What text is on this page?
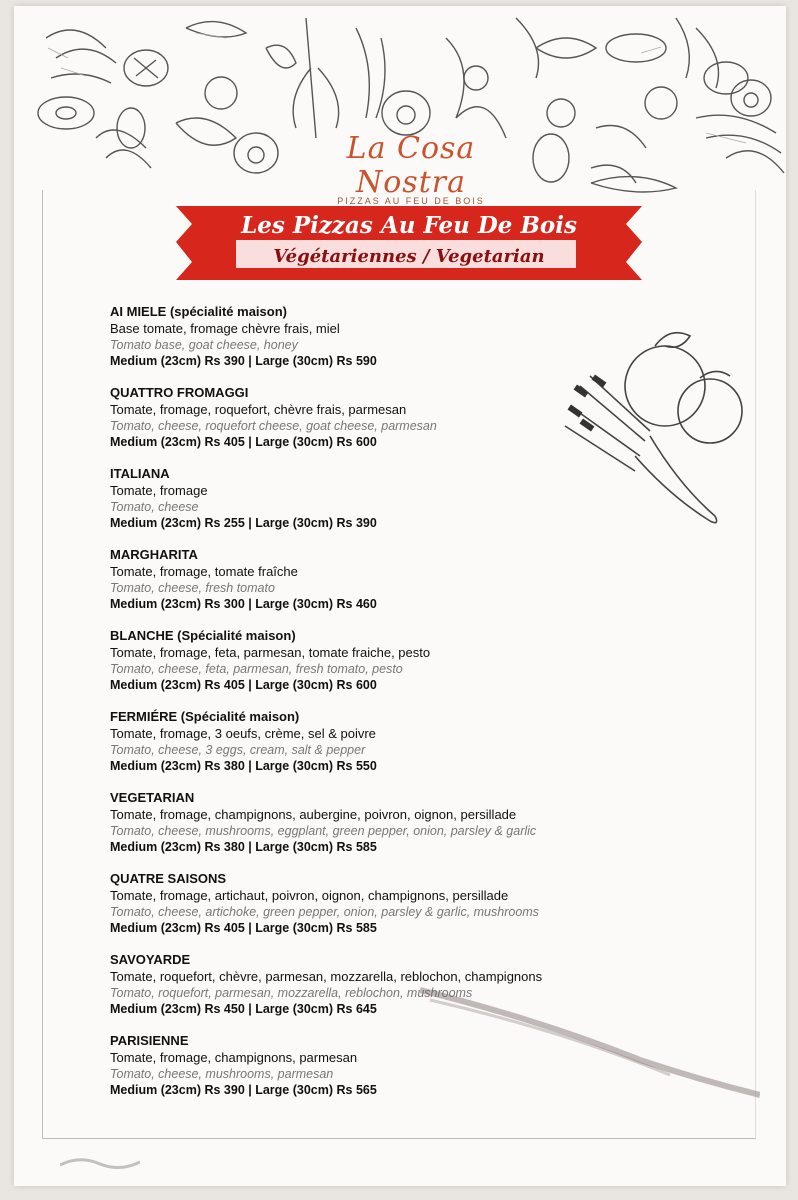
La Cosa Nostra
PIZZAS AU FEU DE BOIS
Les Pizzas Au Feu De Bois
Végétariennes / Vegetarian
AI MIELE (spécialité maison)
Base tomate, fromage chèvre frais, miel
Tomato base, goat cheese, honey
Medium (23cm) Rs 390 | Large (30cm) Rs 590
QUATTRO FROMAGGI
Tomate, fromage, roquefort, chèvre frais, parmesan
Tomato, cheese, roquefort cheese, goat cheese, parmesan
Medium (23cm) Rs 405 | Large (30cm) Rs 600
ITALIANA
Tomate, fromage
Tomato, cheese
Medium (23cm) Rs 255 | Large (30cm) Rs 390
MARGHARITA
Tomate, fromage, tomate fraîche
Tomato, cheese, fresh tomato
Medium (23cm) Rs 300 | Large (30cm) Rs 460
BLANCHE (Spécialité maison)
Tomate, fromage, feta, parmesan, tomate fraiche, pesto
Tomato, cheese, feta, parmesan, fresh tomato, pesto
Medium (23cm) Rs 405 | Large (30cm) Rs 600
FERMIÉRE (Spécialité maison)
Tomate, fromage, 3 oeufs, crème, sel & poivre
Tomato, cheese, 3 eggs, cream, salt & pepper
Medium (23cm) Rs 380 | Large (30cm) Rs 550
VEGETARIAN
Tomate, fromage, champignons, aubergine, poivron, oignon, persillade
Tomato, cheese, mushrooms, eggplant, green pepper, onion, parsley & garlic
Medium (23cm) Rs 380 | Large (30cm) Rs 585
QUATRE SAISONS
Tomate, fromage, artichaut, poivron, oignon, champignons, persillade
Tomato, cheese, artichoke, green pepper, onion, parsley & garlic, mushrooms
Medium (23cm) Rs 405 | Large (30cm) Rs 585
SAVOYARDE
Tomate, roquefort, chèvre, parmesan, mozzarella, reblochon, champignons
Tomato, roquefort, parmesan, mozzarella, reblochon, mushrooms
Medium (23cm) Rs 450 | Large (30cm) Rs 645
PARISIENNE
Tomate, fromage, champignons, parmesan
Tomato, cheese, mushrooms, parmesan
Medium (23cm) Rs 390 | Large (30cm) Rs 565
